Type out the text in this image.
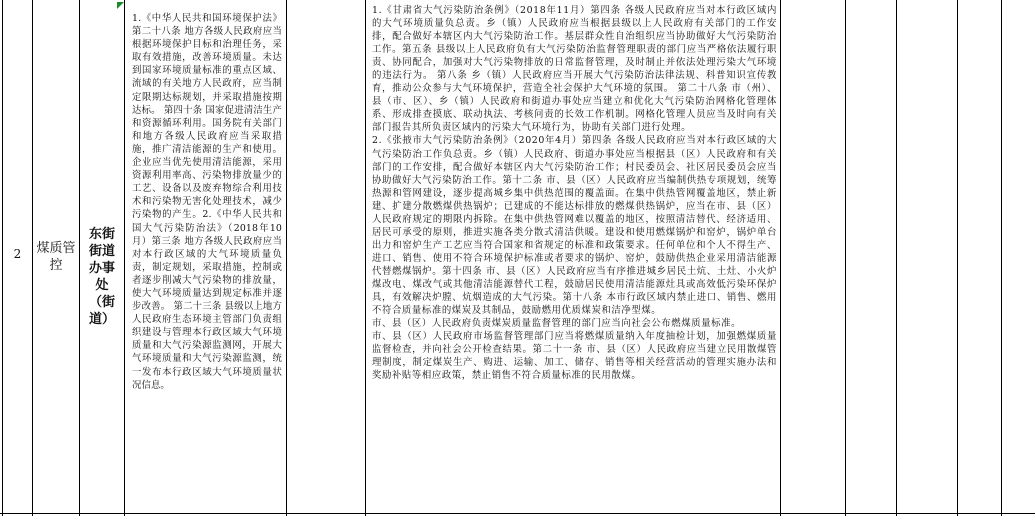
2	煤质管控
东街街道办事处（街道）

1.《中华人民共和国环境保护法》第二十八条 地方各级人民政府应当根据环境保护目标和治理任务，采取有效措施，改善环境质量。未达到国家环境质量标准的重点区域、流域的有关地方人民政府，应当制定限期达标规划，并采取措施按期达标。 第四十条 国家促进清洁生产和资源循环利用。国务院有关部门和地方各级人民政府应当采取措施，推广清洁能源的生产和使用。企业应当优先使用清洁能源，采用资源利用率高、污染物排放量少的工艺、设备以及废弃物综合利用技术和污染物无害化处理技术，减少污染物的产生。2.《中华人民共和国大气污染防治法》（2018年10月）第三条 地方各级人民政府应当对本行政区域的大气环境质量负责，制定规划，采取措施，控制或者逐步削减大气污染物的排放量，使大气环境质量达到规定标准并逐步改善。 第二十三条 县级以上地方人民政府生态环境主管部门负责组织建设与管理本行政区域大气环境质量和大气污染源监测网，开展大气环境质量和大气污染源监测，统一发布本行政区域大气环境质量状况信息。

1.《甘肃省大气污染防治条例》（2018年11月）第四条 各级人民政府应当对本行政区域内的大气环境质量负总责。乡（镇）人民政府应当根据县级以上人民政府有关部门的工作安排，配合做好本辖区内大气污染防治工作。基层群众性自治组织应当协助做好大气污染防治工作。第五条 县级以上人民政府负有大气污染防治监督管理职责的部门应当严格依法履行职责、协同配合，加强对大气污染物排放的日常监督管理，及时制止并依法处理污染大气环境的违法行为。 第八条 乡（镇）人民政府应当开展大气污染防治法律法规、科普知识宣传教育，推动公众参与大气环境保护，营造全社会保护大气环境的氛围。 第二十八条 市（州）、县（市、区）、乡（镇）人民政府和街道办事处应当建立和优化大气污染防治网格化管理体系、形成排查摸底、联动执法、考核问责的长效工作机制。网格化管理人员应当及时向有关部门报告其所负责区域内的污染大气环境行为，协助有关部门进行处理。

2.《张掖市大气污染防治条例》（2020年4月）第四条 各级人民政府应当对本行政区域的大气污染防治工作负总责。乡（镇）人民政府、街道办事处应当根据县（区）人民政府和有关部门的工作安排，配合做好本辖区内大气污染防治工作；村民委员会、社区居民委员会应当协助做好大气污染防治工作。第十二条 市、县（区）人民政府应当编制供热专项规划，统筹热源和管网建设，逐步提高城乡集中供热范围的覆盖面。在集中供热管网覆盖地区，禁止新建、扩建分散燃煤供热锅炉；已建成的不能达标排放的燃煤供热锅炉，应当在市、县（区）人民政府规定的期限内拆除。在集中供热管网难以覆盖的地区，按照清洁替代、经济适用、居民可承受的原则，推进实施各类分散式清洁供暖。建设和使用燃煤锅炉和窑炉，锅炉单台出力和窑炉生产工艺应当符合国家和省规定的标准和政策要求。任何单位和个人不得生产、进口、销售、使用不符合环境保护标准或者要求的锅炉、窑炉，鼓励供热企业采用清洁能源代替燃煤锅炉。第十四条 市、县（区）人民政府应当有序推进城乡居民土炕、土灶、小火炉煤改电、煤改气或其他清洁能源替代工程，鼓励居民使用清洁能源灶具或高效低污染环保炉具，有效解决炉膛、炕烟造成的大气污染。第十八条 本市行政区域内禁止进口、销售、燃用不符合质量标准的煤炭及其制品，鼓励燃用优质煤炭和洁净型煤。

市、县（区）人民政府负责煤炭质量监督管理的部门应当向社会公布燃煤质量标准。

市、县（区）人民政府市场监督管理部门应当将燃煤质量纳入年度抽检计划，加强燃煤质量监督检查，并向社会公开检查结果。第二十一条 市、县（区）人民政府应当建立民用散煤管理制度，制定煤炭生产、购进、运输、加工、储存、销售等相关经营活动的管理实施办法和奖励补贴等相应政策，禁止销售不符合质量标准的民用散煤。
